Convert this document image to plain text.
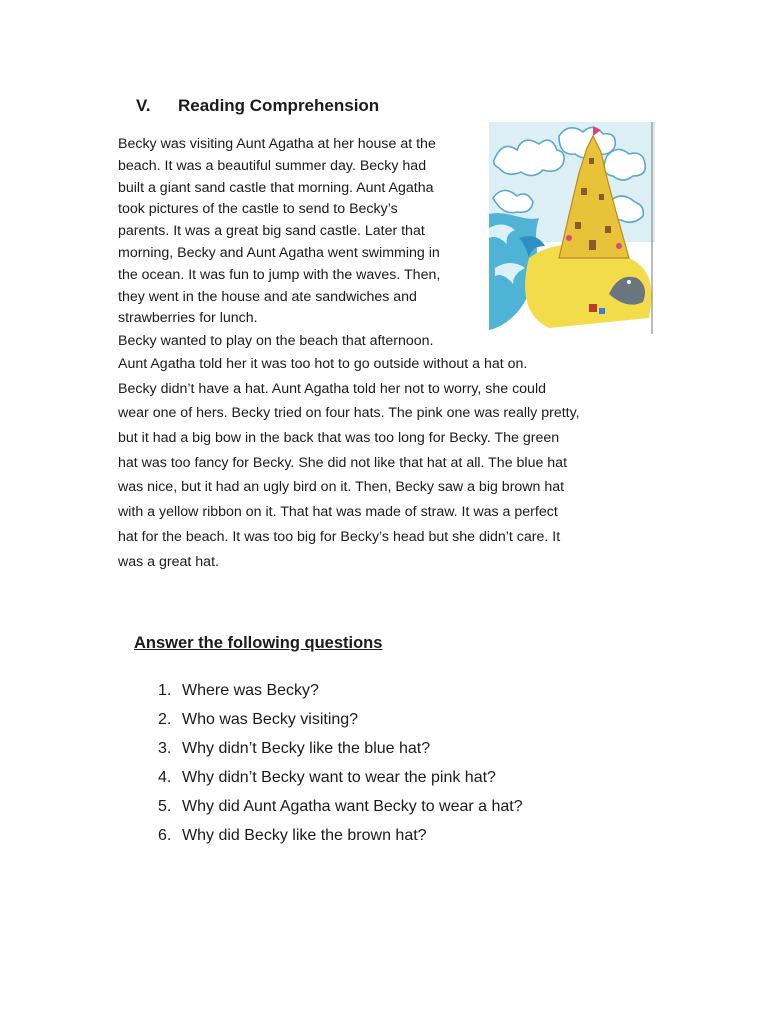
V. Reading Comprehension

Becky was visiting Aunt Agatha at her house at the
beach. It was a beautiful summer day. Becky had
built a giant sand castle that morning. Aunt Agatha
took pictures of the castle to send to Becky’s
parents. It was a great big sand castle. Later that
morning, Becky and Aunt Agatha went swimming in
the ocean. It was fun to jump with the waves. Then,
they went in the house and ate sandwiches and
strawberries for lunch.

Becky wanted to play on the beach that afternoon.
Aunt Agatha told her it was too hot to go outside without a hat on.
Becky didn’t have a hat. Aunt Agatha told her not to worry, she could
wear one of hers. Becky tried on four hats. The pink one was really pretty,
but it had a big bow in the back that was too long for Becky. The green
hat was too fancy for Becky. She did not like that hat at all. The blue hat
was nice, but it had an ugly bird on it. Then, Becky saw a big brown hat
with a yellow ribbon on it. That hat was made of straw. It was a perfect
hat for the beach. It was too big for Becky’s head but she didn’t care. It
was a great hat.

Answer the following questions
1. Where was Becky?
2. Who was Becky visiting?
3. Why didn’t Becky like the blue hat?
4. Why didn’t Becky want to wear the pink hat?
5. Why did Aunt Agatha want Becky to wear a hat?
6. Why did Becky like the brown hat?
